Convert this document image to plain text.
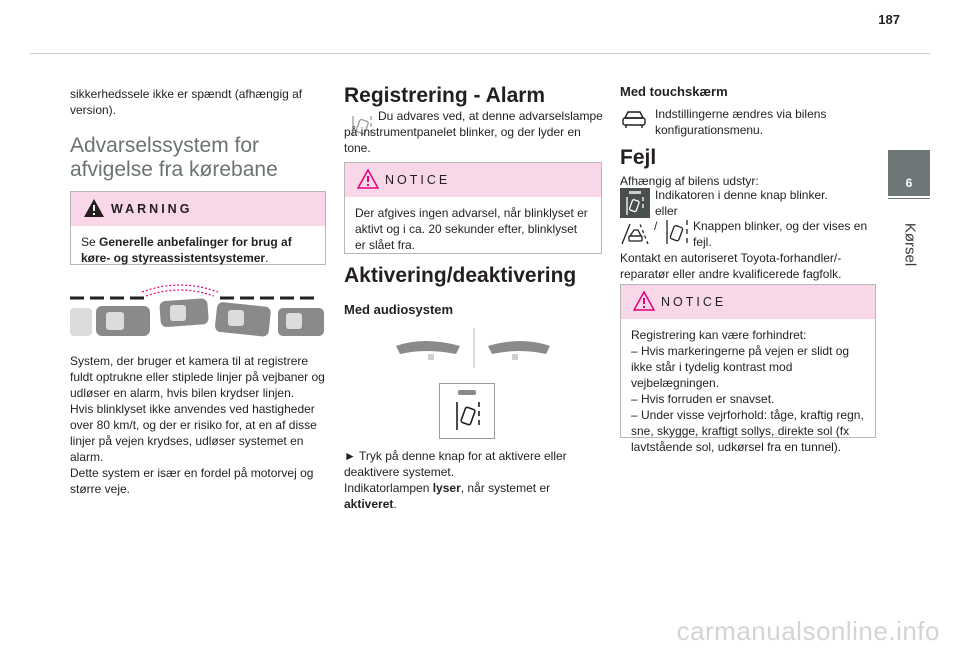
187
6
Kørsel
sikkerhedssele ikke er spændt (afhængig af version).
Advarselssystem for afvigelse fra kørebane
WARNING
Se Generelle anbefalinger for brug af køre- og styreassistentsystemer.
System, der bruger et kamera til at registrere fuldt optrukne eller stiplede linjer på vejbaner og udløser en alarm, hvis bilen krydser linjen.
Hvis blinklyset ikke anvendes ved hastigheder over 80 km/t, og der er risiko for, at en af disse linjer på vejen krydses, udløser systemet en alarm.
Dette system er især en fordel på motorvej og større veje.
Registrering - Alarm
Du advares ved, at denne advarselslampe på instrumentpanelet blinker, og der lyder en tone.
NOTICE
Der afgives ingen advarsel, når blinklyset er aktivt og i ca. 20 sekunder efter, blinklyset er slået fra.
Aktivering/deaktivering
Med audiosystem
► Tryk på denne knap for at aktivere eller deaktivere systemet.
Indikatorlampen lyser, når systemet er aktiveret.
Med touchskærm
Indstillingerne ændres via bilens konfigurationsmenu.
Fejl
Afhængig af bilens udstyr:
Indikatoren i denne knap blinker.
eller
/	Knappen blinker, og der vises en fejl.
Kontakt en autoriseret Toyota-forhandler/-reparatør eller andre kvalificerede fagfolk.
NOTICE
Registrering kan være forhindret:
– Hvis markeringerne på vejen er slidt og ikke står i tydelig kontrast mod vejbelægningen.
– Hvis forruden er snavset.
– Under visse vejrforhold: tåge, kraftig regn, sne, skygge, kraftigt sollys, direkte sol (fx lavtstående sol, udkørsel fra en tunnel).
carmanualsonline.info
